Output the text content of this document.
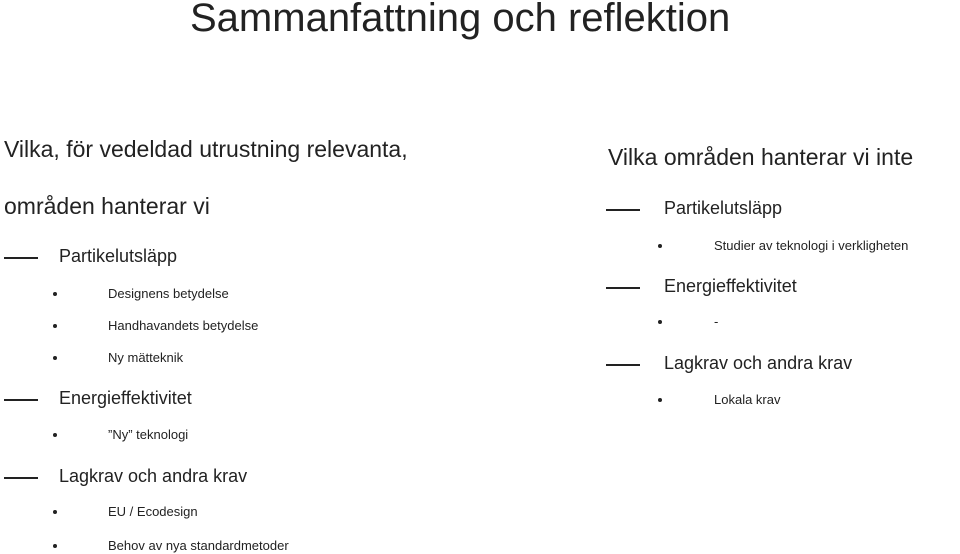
Sammanfattning och reflektion
Vilka, för vedeldad utrustning relevanta,
områden hanterar vi
Partikelutsläpp
Designens betydelse
Handhavandets betydelse
Ny mätteknik
Energieffektivitet
”Ny” teknologi
Lagkrav och andra krav
EU / Ecodesign
Behov av nya standardmetoder
Vilka områden hanterar vi inte
Partikelutsläpp
Studier av teknologi i verkligheten
Energieffektivitet
-
Lagkrav och andra krav
Lokala krav
